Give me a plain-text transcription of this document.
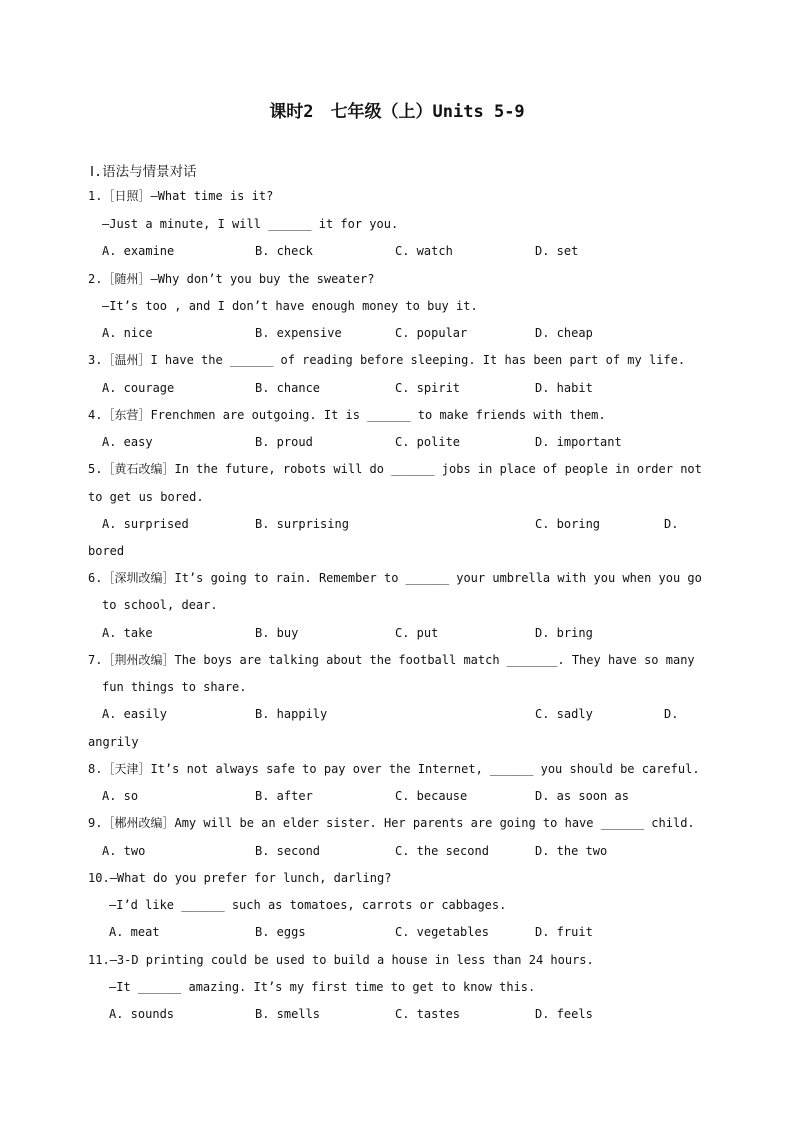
课时2　七年级（上）Units 5-9
Ⅰ.语法与情景对话
1.［日照］—What time is it?
—Just a minute, I will ______ it for you.
A. examine	B. check	C. watch	D. set
2.［随州］—Why don’t you buy the sweater?
—It’s too , and I don’t have enough money to buy it.
A. nice	B. expensive	C. popular	D. cheap
3.［温州］I have the ______ of reading before sleeping. It has been part of my life.
A. courage	B. chance	C. spirit	D. habit
4.［东营］Frenchmen are outgoing. It is ______ to make friends with them.
A. easy	B. proud	C. polite	D. important
5.［黄石改编］In the future, robots will do ______ jobs in place of people in order not
to get us bored.
A. surprised	B. surprising	C. boring	D.
bored
6.［深圳改编］It’s going to rain. Remember to ______ your umbrella with you when you go
to school, dear.
A. take	B. buy	C. put	D. bring
7.［荆州改编］The boys are talking about the football match _______. They have so many
fun things to share.
A. easily	B. happily	C. sadly	D.
angrily
8.［天津］It’s not always safe to pay over the Internet, ______ you should be careful.
A. so	B. after	C. because	D. as soon as
9.［郴州改编］Amy will be an elder sister. Her parents are going to have ______ child.
A. two	B. second	C. the second	D. the two
10.—What do you prefer for lunch, darling?
—I’d like ______ such as tomatoes, carrots or cabbages.
A. meat	B. eggs	C. vegetables	D. fruit
11.—3-D printing could be used to build a house in less than 24 hours.
—It ______ amazing. It’s my first time to get to know this.
A. sounds	B. smells	C. tastes	D. feels
